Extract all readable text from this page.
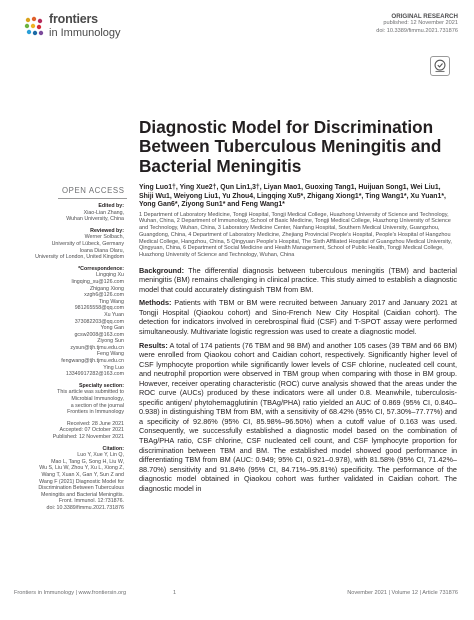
frontiers
in Immunology
ORIGINAL RESEARCH
published: 12 November 2021
doi: 10.3389/fimmu.2021.731876
Diagnostic Model for Discrimination Between Tuberculous Meningitis and Bacterial Meningitis
OPEN ACCESS
Edited by:
Xiao-Lian Zhang,
Wuhan University, China
Reviewed by:
Werner Solbach,
University of Lübeck, Germany
Ioana Diana Olaru,
University of London, United Kingdom
*Correspondence:
Lingqing Xu
lingqing_xu@126.com
Zhigang Xiong
xzgh6@126.com
Ting Wang
981265558@qq.com
Xu Yuan
373082203@qq.com
Yong Gan
gcsw2008@163.com
Ziyong Sun
zysun@tjh.tjmu.edu.cn
Feng Wang
fengwang@tjh.tjmu.edu.cn
Ying Luo
13349917282@163.com
Specialty section:
This article was submitted to
Microbial Immunology,
a section of the journal
Frontiers in Immunology
Received: 28 June 2021
Accepted: 07 October 2021
Published: 12 November 2021
Citation:
Luo Y, Xue Y, Lin Q,
Mao L, Tang G, Song H, Liu W,
Wu S, Liu W, Zhou Y, Xu L, Xiong Z,
Wang T, Xuan X, Gan Y, Sun Z and
Wang F (2021) Diagnostic Model for
Discrimination Between Tuberculous
Meningitis and Bacterial Meningitis.
Front. Immunol. 12:731876.
doi: 10.3389/fimmu.2021.731876
Ying Luo1†, Ying Xue2†, Qun Lin1,3†, Liyan Mao1, Guoxing Tang1, Huijuan Song1, Wei Liu1, Shiji Wu1, Weiyong Liu1, Yu Zhou4, Lingqing Xu5*, Zhigang Xiong1*, Ting Wang1*, Xu Yuan1*, Yong Gan6*, Ziyong Sun1* and Feng Wang1*
1 Department of Laboratory Medicine, Tongji Hospital, Tongji Medical College, Huazhong University of Science and Technology, Wuhan, China, 2 Department of Immunology, School of Basic Medicine, Tongji Medical College, Huazhong University of Science and Technology, Wuhan, China, 3 Laboratory Medicine Center, Nanfang Hospital, Southern Medical University, Guangzhou, Guangdong, China, 4 Department of Laboratory Medicine, Zhejiang Provincial People's Hospital, People's Hospital of Hangzhou Medical College, Hangzhou, China, 5 Qingyuan People's Hospital, The Sixth Affiliated Hospital of Guangzhou Medical University, Qingyuan, China, 6 Department of Social Medicine and Health Management, School of Public Health, Tongji Medical College, Huazhong University of Science and Technology, Wuhan, China

Background: The differential diagnosis between tuberculous meningitis (TBM) and bacterial meningitis (BM) remains challenging in clinical practice. This study aimed to establish a diagnostic model that could accurately distinguish TBM from BM.

Methods: Patients with TBM or BM were recruited between January 2017 and January 2021 at Tongji Hospital (Qiaokou cohort) and Sino-French New City Hospital (Caidian cohort). The detection for indicators involved in cerebrospinal fluid (CSF) and T-SPOT assay were performed simultaneously. Multivariate logistic regression was used to create a diagnostic model.

Results: A total of 174 patients (76 TBM and 98 BM) and another 105 cases (39 TBM and 66 BM) were enrolled from Qiaokou cohort and Caidian cohort, respectively. Significantly higher level of CSF lymphocyte proportion while significantly lower levels of CSF chlorine, nucleated cell count, and neutrophil proportion were observed in TBM group when comparing with those in BM group. However, receiver operating characteristic (ROC) curve analysis showed that the areas under the ROC curve (AUCs) produced by these indicators were all under 0.8. Meanwhile, tuberculosis-specific antigen/ phytohemagglutinin (TBAg/PHA) ratio yielded an AUC of 0.869 (95% CI, 0.840–0.938) in distinguishing TBM from BM, with a sensitivity of 68.42% (95% CI, 57.30%–77.77%) and a specificity of 92.86% (95% CI, 85.98%–96.50%) when a cutoff value of 0.163 was used. Consequently, we successfully established a diagnostic model based on the combination of TBAg/PHA ratio, CSF chlorine, CSF nucleated cell count, and CSF lymphocyte proportion for discrimination between TBM and BM. The established model showed good performance in differentiating TBM from BM (AUC: 0.949; 95% CI, 0.921–0.978), with 81.58% (95% CI, 71.42%–88.70%) sensitivity and 91.84% (95% CI, 84.71%–95.81%) specificity. The performance of the diagnostic model obtained in Qiaokou cohort was further validated in Caidian cohort. The diagnostic model in

Frontiers in Immunology | www.frontiersin.org	1	November 2021 | Volume 12 | Article 731876
